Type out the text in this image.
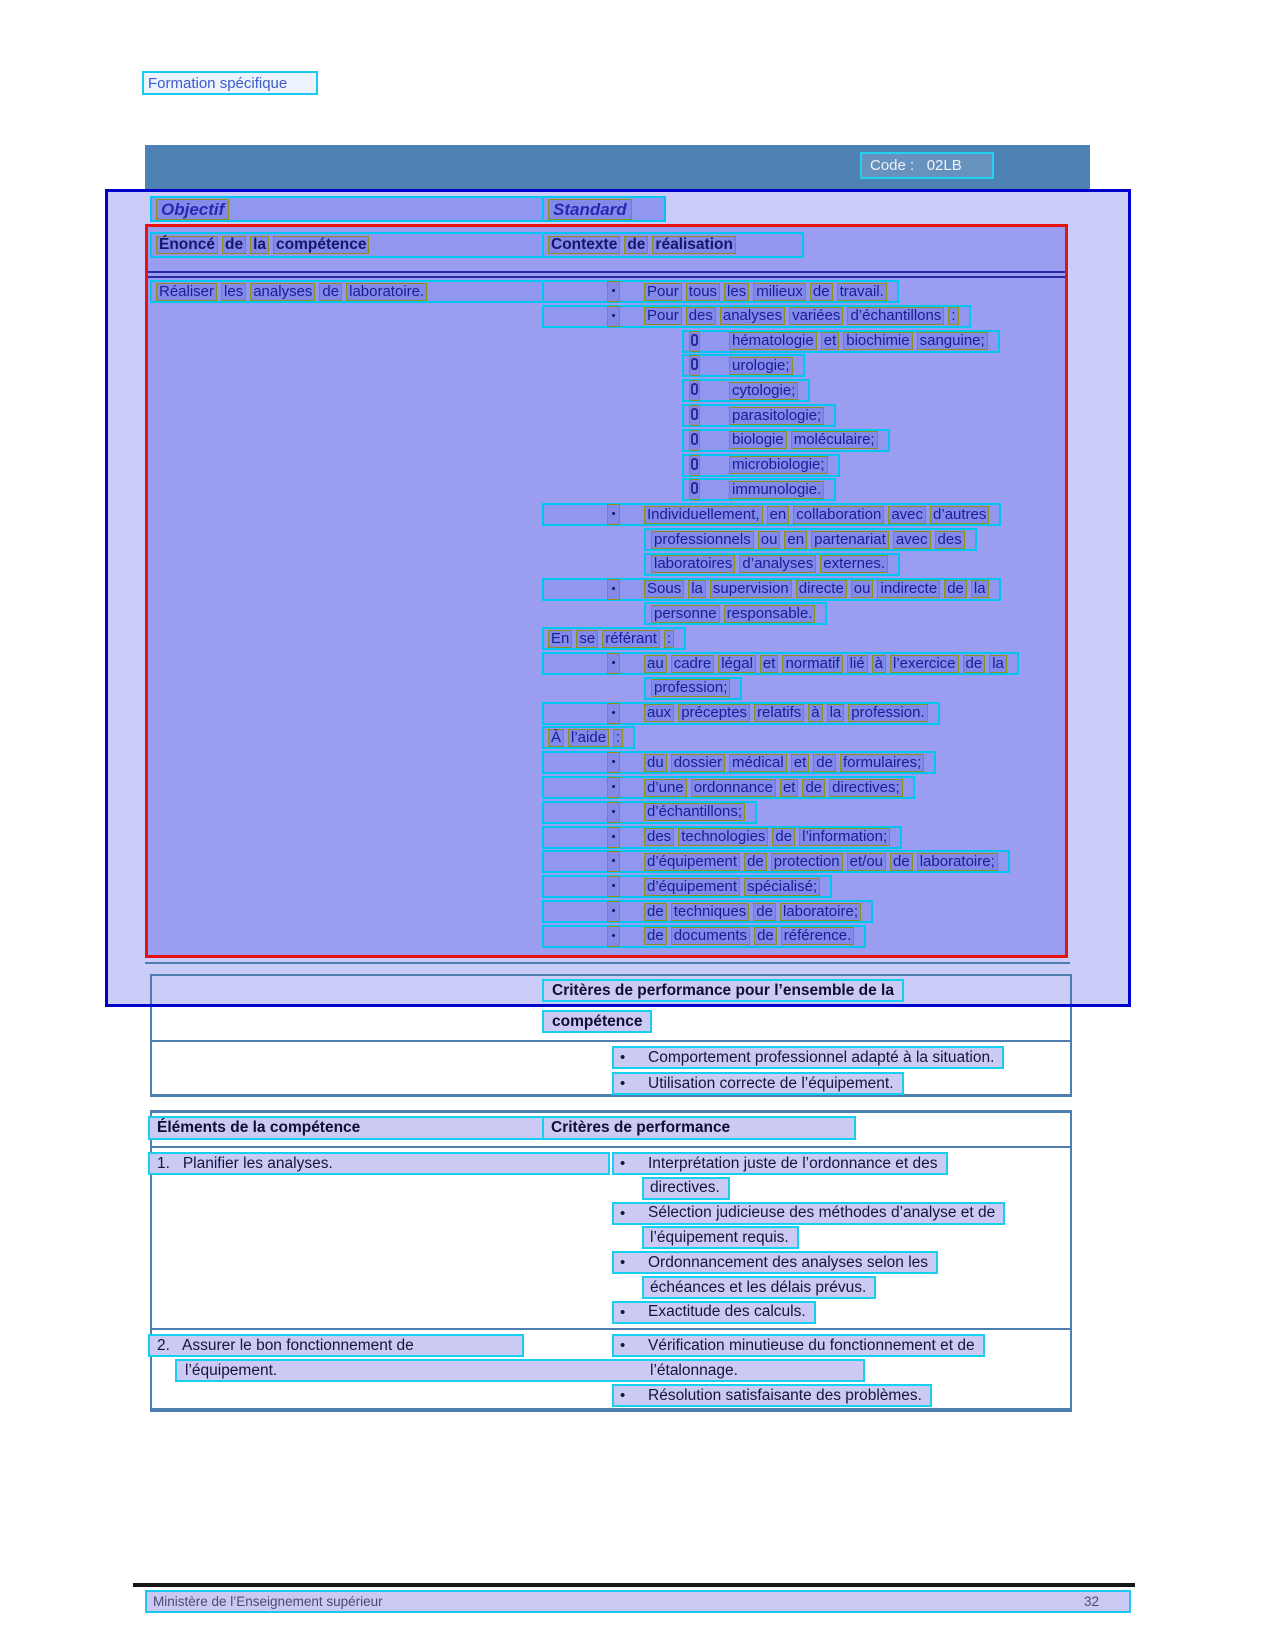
Formation spécifique
Code :   02LB
Objectif	Standard
Énoncé de la compétence	Contexte de réalisation
Réaliser les analyses de laboratoire.	•	Pour tous les milieux de travail.
•	Pour des analyses variées d’échantillons :
hématologie et biochimie sanguine;
urologie;
cytologie;
parasitologie;
biologie moléculaire;
microbiologie;
immunologie.
•	Individuellement, en collaboration avec d’autres
professionnels ou en partenariat avec des
laboratoires d’analyses externes.
•	Sous la supervision directe ou indirecte de la
personne responsable.
En se référant :
•	au cadre légal et normatif lié à l’exercice de la
profession;
•	aux préceptes relatifs à la profession.
À l’aide :
•	du dossier médical et de formulaires;
•	d’une ordonnance et de directives;
•	d’échantillons;
•	des technologies de l’information;
•	d’équipement de protection et/ou de laboratoire;
•	d’équipement spécialisé;
•	de techniques de laboratoire;
•	de documents de référence.
Critères de performance pour l’ensemble de la
compétence
• Comportement professionnel adapté à la situation.
• Utilisation correcte de l’équipement.
Éléments de la compétence	Critères de performance
1.   Planifier les analyses.	• Interprétation juste de l’ordonnance et des
directives.
• Sélection judicieuse des méthodes d’analyse et de
l’équipement requis.
• Ordonnancement des analyses selon les
échéances et les délais prévus.
• Exactitude des calculs.
2.   Assurer le bon fonctionnement de	• Vérification minutieuse du fonctionnement et de
l’équipement.	l’étalonnage.
• Résolution satisfaisante des problèmes.
Ministère de l’Enseignement supérieur	32
